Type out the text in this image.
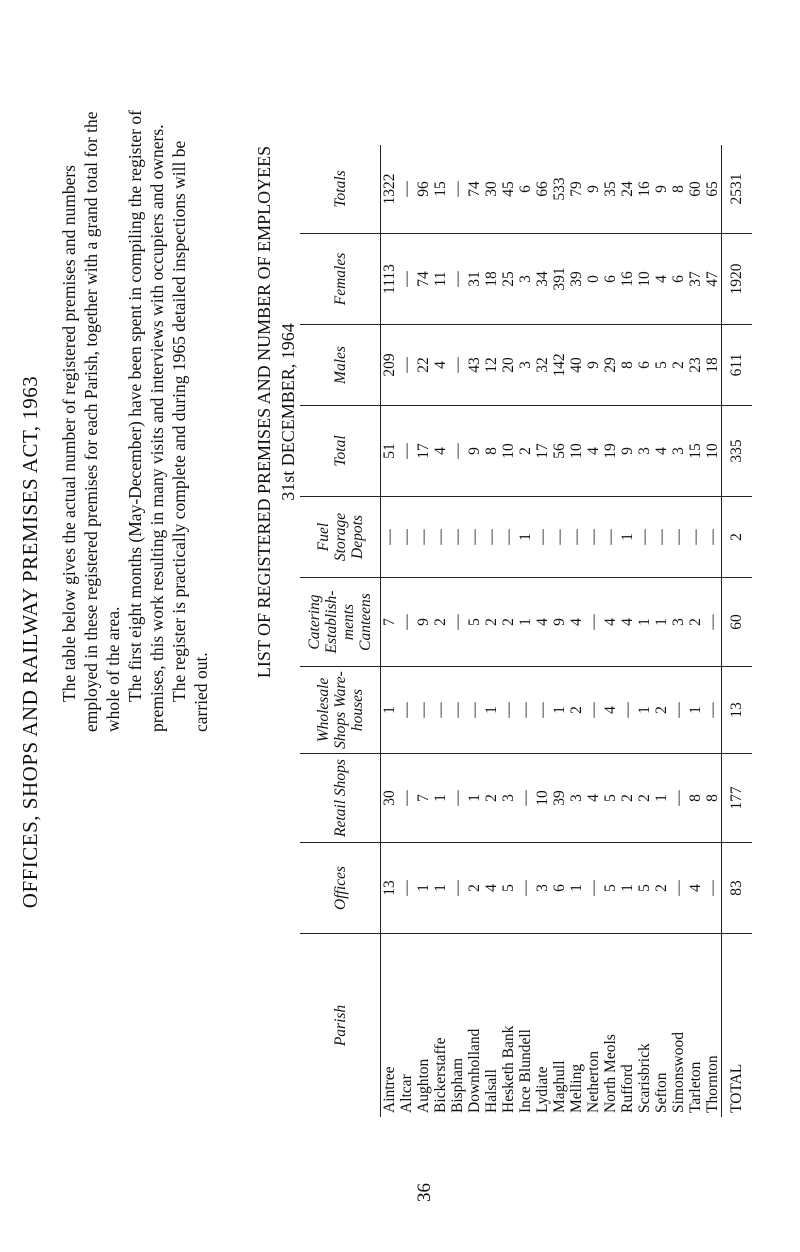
OFFICES, SHOPS AND RAILWAY PREMISES ACT, 1963 The table below gives the actual number of registered premises and numbers employed in these registered premises for each Parish, together with a grand total for the whole of the area. The first eight months (May-December) have been spent in compiling the register of premises, this work resulting in many visits and interviews with occupiers and owners. The register is practically complete and during 1965 detailed inspections will be carried out.

LIST OF REGISTERED PREMISES AND NUMBER OF EMPLOYEES 31st DECEMBER, 1964
36
Parish	Offices	Retail Shops	Wholesale Shops Ware-houses	Catering Establish-ments Canteens	Fuel Storage Depots	Total	Males	Females	Totals
Aintree	13	30	1	7	—	51	209	1113	1322
Altcar	—	—	—	—	—	—	—	—	—
Aughton	1	7	—	9	—	17	22	74	96
Bickerstaffe	1	1	—	2	—	4	4	11	15
Bispham	—	—	—	—	—	—	—	—	—
Downholland	2	1	—	5	—	9	43	31	74
Halsall	4	2	1	2	—	8	12	18	30
Hesketh Bank	5	3	—	2	—	10	20	25	45
Ince Blundell	—	—	—	1	1	2	3	3	6
Lydiate	3	10	—	4	—	17	32	34	66
Maghull	6	39	1	9	—	56	142	391	533
Melling	1	3	2	4	—	10	40	39	79
Netherton	—	4	—	—	—	4	9	0	9
North Meols	5	5	4	4	—	19	29	6	35
Rufford	1	2	—	4	1	9	8	16	24
Scarisbrick	5	2	1	1	—	3	6	10	16
Sefton	2	1	2	1	—	4	5	4	9
Simonswood	—	—	—	3	—	3	2	6	8
Tarleton	4	8	1	2	—	15	23	37	60
Thornton	—	8	—	—	—	10	18	47	65
TOTAL	83	177	13	60	2	335	611	1920	2531
